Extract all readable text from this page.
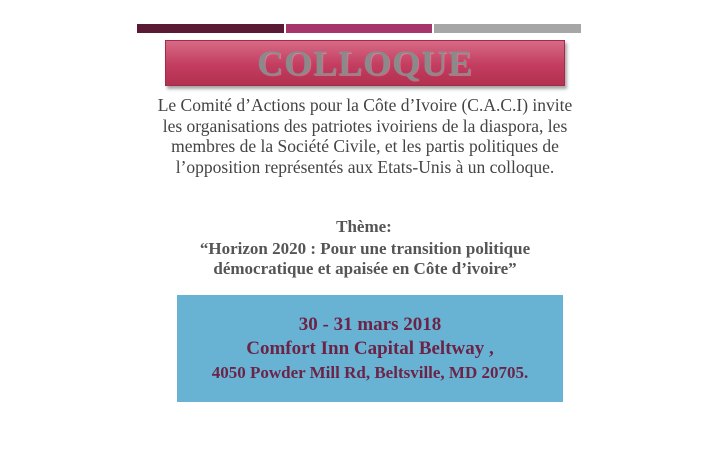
COLLOQUE

Le Comité d’Actions pour la Côte d’Ivoire (C.A.C.I) invite les organisations des patriotes ivoiriens de la diaspora, les membres de la Société Civile, et les partis politiques de l’opposition représentés aux Etats-Unis à un colloque.

Thème:
“Horizon 2020 : Pour une transition politique démocratique et apaisée en Côte d’ivoire”
30 - 31 mars 2018
Comfort Inn Capital Beltway ,
4050 Powder Mill Rd, Beltsville, MD 20705.
